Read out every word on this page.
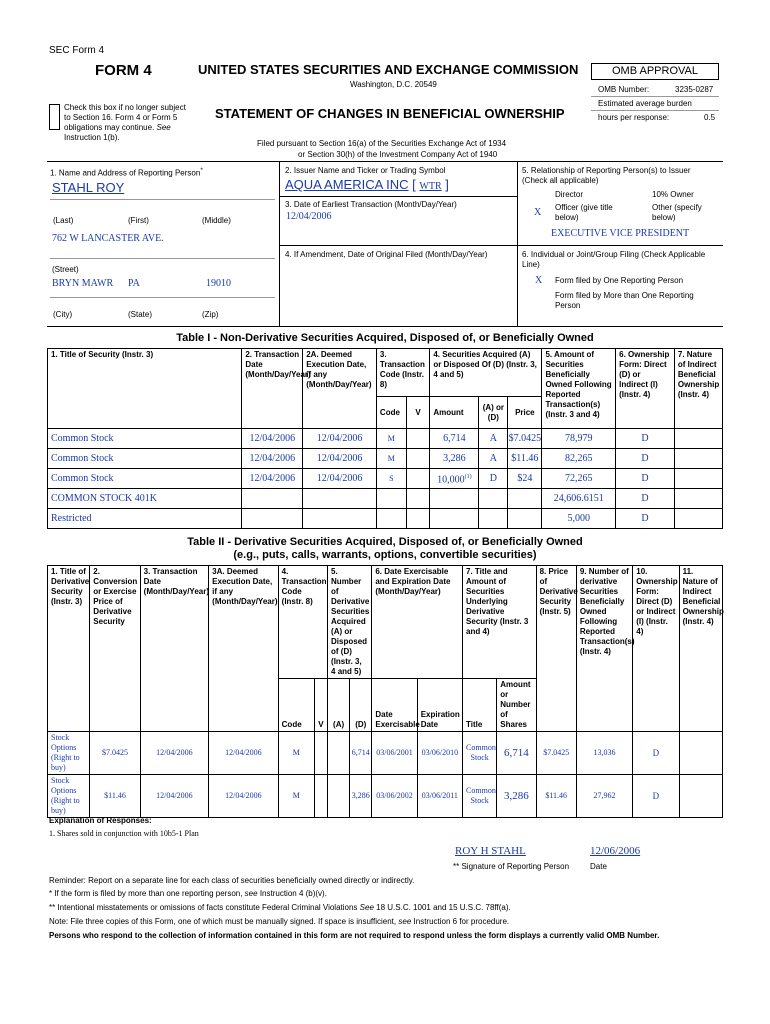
SEC Form 4
FORM 4	UNITED STATES SECURITIES AND EXCHANGE COMMISSION
Washington, D.C. 20549
Check this box if no longer subject to Section 16. Form 4 or Form 5 obligations may continue. See Instruction 1(b).
STATEMENT OF CHANGES IN BENEFICIAL OWNERSHIP
Filed pursuant to Section 16(a) of the Securities Exchange Act of 1934
or Section 30(h) of the Investment Company Act of 1940
OMB APPROVAL
OMB Number:	3235-0287
Estimated average burden
hours per response:	0.5
1. Name and Address of Reporting Person*
STAHL ROY
(Last)	(First)	(Middle)
762 W LANCASTER AVE.
(Street)
BRYN MAWR PA	19010
(City)	(State)	(Zip)
2. Issuer Name and Ticker or Trading Symbol
AQUA AMERICA INC [ WTR ]
3. Date of Earliest Transaction (Month/Day/Year)
12/04/2006
4. If Amendment, Date of Original Filed (Month/Day/Year)
5. Relationship of Reporting Person(s) to Issuer (Check all applicable)
Director	10% Owner
X Officer (give title below)
Other (specify below)
EXECUTIVE VICE PRESIDENT
6. Individual or Joint/Group Filing (Check Applicable Line)
X Form filed by One Reporting Person
Form filed by More than One Reporting Person
Table I - Non-Derivative Securities Acquired, Disposed of, or Beneficially Owned
1. Title of Security (Instr. 3)	2. Transaction Date (Month/Day/Year)	2A. Deemed Execution Date, if any (Month/Day/Year)	3. Transaction Code (Instr. 8)		4. Securities Acquired (A) or Disposed Of (D) (Instr. 3, 4 and 5)			5. Amount of Securities Beneficially Owned Following Reported Transaction(s) (Instr. 3 and 4)	6. Ownership Form: Direct (D) or Indirect (I) (Instr. 4)	7. Nature of Indirect Beneficial Ownership (Instr. 4)
			Code	V	Amount	(A) or (D)	Price			
Common Stock	12/04/2006	12/04/2006	M		6,714	A	$7.0425	78,979	D	
Common Stock	12/04/2006	12/04/2006	M		3,286	A	$11.46	82,265	D	
Common Stock	12/04/2006	12/04/2006	S		10,000$^{(1)}$	D	$24	72,265	D	
COMMON STOCK 401K								24,606.6151	D	
Restricted								5,000	D	
Table II - Derivative Securities Acquired, Disposed of, or Beneficially Owned
(e.g., puts, calls, warrants, options, convertible securities)
1. Title of Derivative Security (Instr. 3)	2. Conversion or Exercise Price of Derivative Security	3. Transaction Date (Month/Day/Year)	3A. Deemed Execution Date, if any (Month/Day/Year)	4. Transaction Code (Instr. 8)		5. Number of Derivative Securities Acquired (A) or Disposed of (D) (Instr. 3, 4 and 5)		6. Date Exercisable and Expiration Date (Month/Day/Year)		7. Title and Amount of Securities Underlying Derivative Security (Instr. 3 and 4)		8. Price of Derivative Security (Instr. 5)	9. Number of derivative Securities Beneficially Owned Following Reported Transaction(s) (Instr. 4)	10. Ownership Form: Direct (D) or Indirect (I) (Instr. 4)	11. Nature of Indirect Beneficial Ownership (Instr. 4)
				Code	V	(A)	(D)	Date Exercisable	Expiration Date	Title	Amount or Number of Shares				
Stock Options (Right to buy)	$7.0425	12/04/2006	12/04/2006	M			6,714	03/06/2001	03/06/2010	Common Stock	6,714	$7.0425	13,036	D	
Stock Options (Right to buy)	$11.46	12/04/2006	12/04/2006	M			3,286	03/06/2002	03/06/2011	Common Stock	3,286	$11.46	27,962	D	
Explanation of Responses:
1. Shares sold in conjunction with 10b5-1 Plan
ROY H STAHL	12/06/2006
** Signature of Reporting Person	Date
Reminder: Report on a separate line for each class of securities beneficially owned directly or indirectly.
* If the form is filed by more than one reporting person, see Instruction 4 (b)(v).
** Intentional misstatements or omissions of facts constitute Federal Criminal Violations See 18 U.S.C. 1001 and 15 U.S.C. 78ff(a).
Note: File three copies of this Form, one of which must be manually signed. If space is insufficient, see Instruction 6 for procedure.
Persons who respond to the collection of information contained in this form are not required to respond unless the form displays a currently valid OMB Number.
